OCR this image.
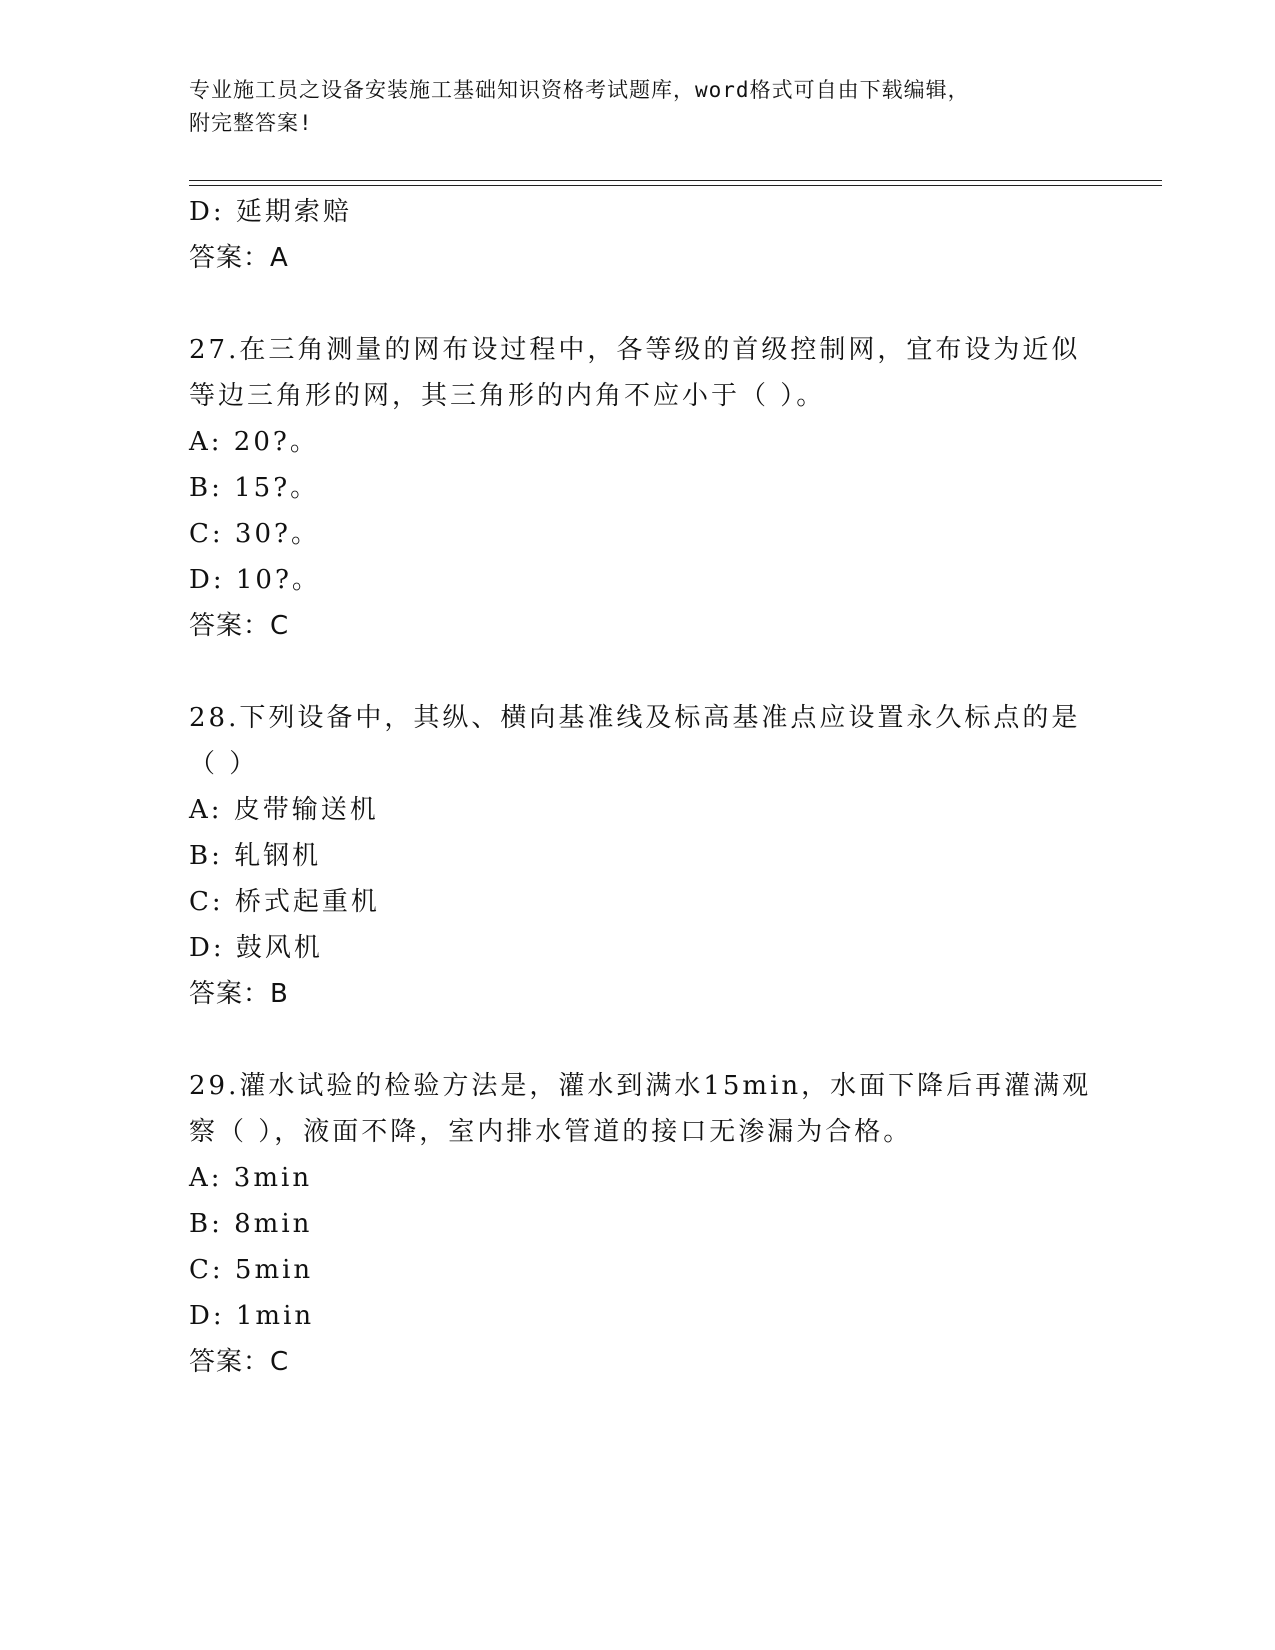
专业施工员之设备安装施工基础知识资格考试题库，word格式可自由下载编辑，
附完整答案!
D: 延期索赔
答案：A
27.在三角测量的网布设过程中，各等级的首级控制网，宜布设为近似
等边三角形的网，其三角形的内角不应小于（ ）。
A: 20?。
B: 15?。
C: 30?。
D: 10?。
答案：C
28.下列设备中，其纵、横向基准线及标高基准点应设置永久标点的是
（ ）
A: 皮带输送机
B: 轧钢机
C: 桥式起重机
D: 鼓风机
答案：B
29.灌水试验的检验方法是，灌水到满水15min，水面下降后再灌满观
察（ ），液面不降，室内排水管道的接口无渗漏为合格。
A: 3min
B: 8min
C: 5min
D: 1min
答案：C
